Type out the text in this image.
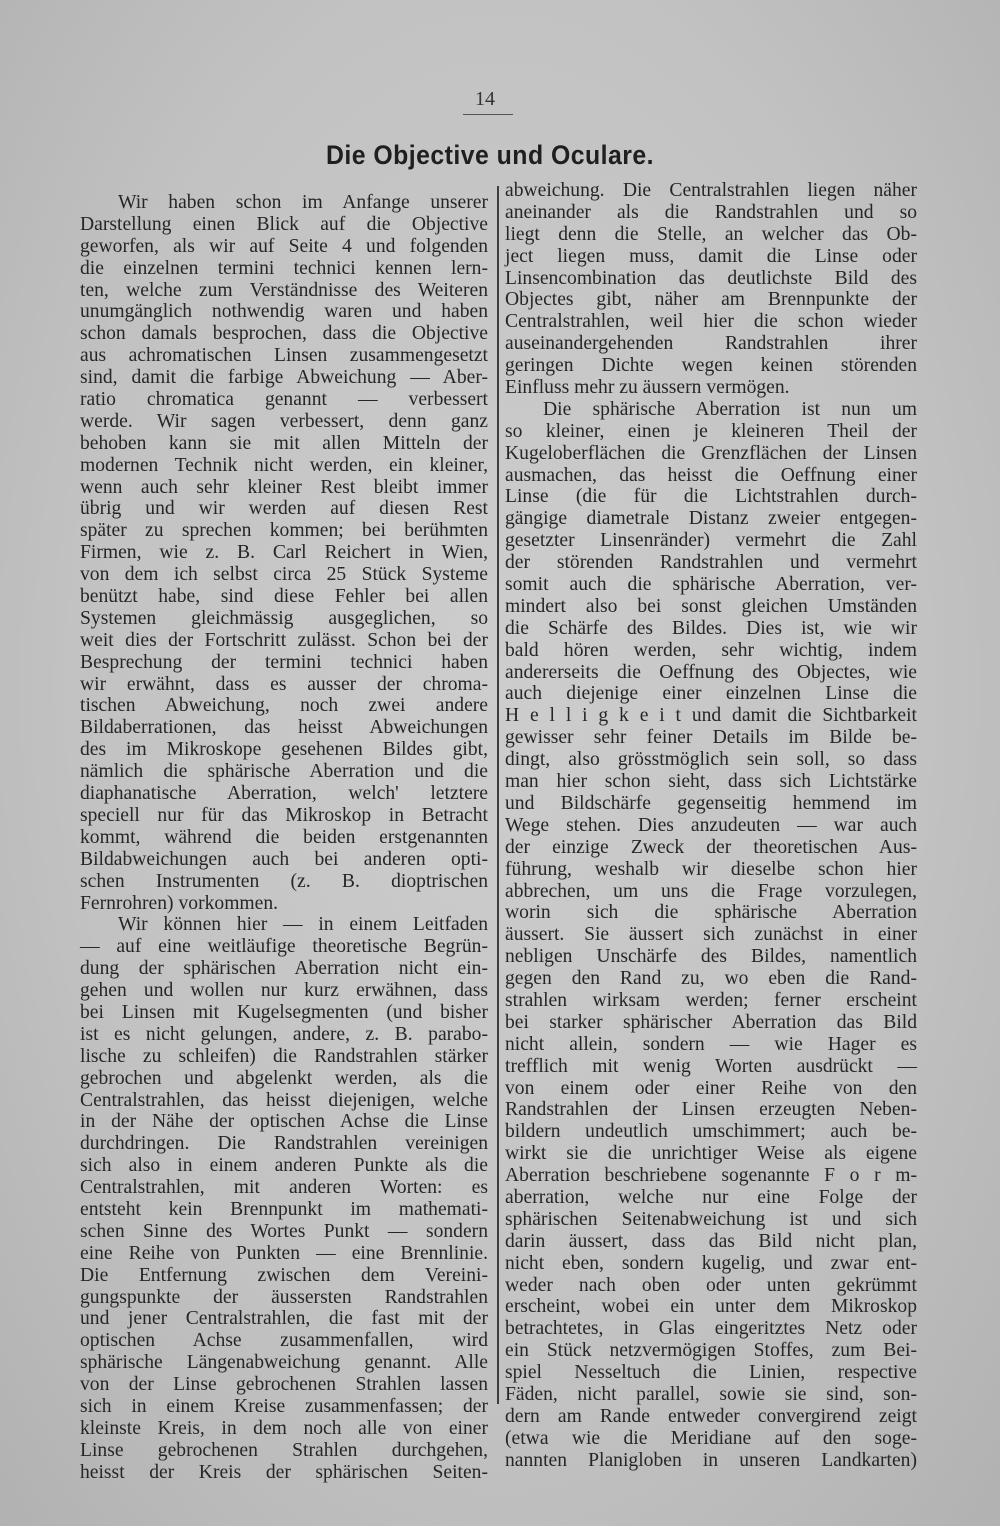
14
Die Objective und Oculare.
Wir haben schon im Anfange unserer
Darstellung einen Blick auf die Objective
geworfen, als wir auf Seite 4 und folgenden
die einzelnen termini technici kennen lern-
ten, welche zum Verständnisse des Weiteren
unumgänglich nothwendig waren und haben
schon damals besprochen, dass die Objective
aus achromatischen Linsen zusammengesetzt
sind, damit die farbige Abweichung — Aber-
ratio chromatica genannt — verbessert
werde. Wir sagen verbessert, denn ganz
behoben kann sie mit allen Mitteln der
modernen Technik nicht werden, ein kleiner,
wenn auch sehr kleiner Rest bleibt immer
übrig und wir werden auf diesen Rest
später zu sprechen kommen; bei berühmten
Firmen, wie z. B. Carl Reichert in Wien,
von dem ich selbst circa 25 Stück Systeme
benützt habe, sind diese Fehler bei allen
Systemen gleichmässig ausgeglichen, so
weit dies der Fortschritt zulässt. Schon bei der
Besprechung der termini technici haben
wir erwähnt, dass es ausser der chroma-
tischen Abweichung, noch zwei andere
Bildaberrationen, das heisst Abweichungen
des im Mikroskope gesehenen Bildes gibt,
nämlich die sphärische Aberration und die
diaphanatische Aberration, welch' letztere
speciell nur für das Mikroskop in Betracht
kommt, während die beiden erstgenannten
Bildabweichungen auch bei anderen opti-
schen Instrumenten (z. B. dioptrischen
Fernrohren) vorkommen.
Wir können hier — in einem Leitfaden
— auf eine weitläufige theoretische Begrün-
dung der sphärischen Aberration nicht ein-
gehen und wollen nur kurz erwähnen, dass
bei Linsen mit Kugelsegmenten (und bisher
ist es nicht gelungen, andere, z. B. parabo-
lische zu schleifen) die Randstrahlen stärker
gebrochen und abgelenkt werden, als die
Centralstrahlen, das heisst diejenigen, welche
in der Nähe der optischen Achse die Linse
durchdringen. Die Randstrahlen vereinigen
sich also in einem anderen Punkte als die
Centralstrahlen, mit anderen Worten: es
entsteht kein Brennpunkt im mathemati-
schen Sinne des Wortes Punkt — sondern
eine Reihe von Punkten — eine Brennlinie.
Die Entfernung zwischen dem Vereini-
gungspunkte der äussersten Randstrahlen
und jener Centralstrahlen, die fast mit der
optischen Achse zusammenfallen, wird
sphärische Längenabweichung genannt. Alle
von der Linse gebrochenen Strahlen lassen
sich in einem Kreise zusammenfassen; der
kleinste Kreis, in dem noch alle von einer
Linse gebrochenen Strahlen durchgehen,
heisst der Kreis der sphärischen Seiten-
abweichung. Die Centralstrahlen liegen näher
aneinander als die Randstrahlen und so
liegt denn die Stelle, an welcher das Ob-
ject liegen muss, damit die Linse oder
Linsencombination das deutlichste Bild des
Objectes gibt, näher am Brennpunkte der
Centralstrahlen, weil hier die schon wieder
auseinandergehenden Randstrahlen ihrer
geringen Dichte wegen keinen störenden
Einfluss mehr zu äussern vermögen.
Die sphärische Aberration ist nun um
so kleiner, einen je kleineren Theil der
Kugeloberflächen die Grenzflächen der Linsen
ausmachen, das heisst die Oeffnung einer
Linse (die für die Lichtstrahlen durch-
gängige diametrale Distanz zweier entgegen-
gesetzter Linsenränder) vermehrt die Zahl
der störenden Randstrahlen und vermehrt
somit auch die sphärische Aberration, ver-
mindert also bei sonst gleichen Umständen
die Schärfe des Bildes. Dies ist, wie wir
bald hören werden, sehr wichtig, indem
andererseits die Oeffnung des Objectes, wie
auch diejenige einer einzelnen Linse die
H e l l i g k e i t und damit die Sichtbarkeit
gewisser sehr feiner Details im Bilde be-
dingt, also grösstmöglich sein soll, so dass
man hier schon sieht, dass sich Lichtstärke
und Bildschärfe gegenseitig hemmend im
Wege stehen. Dies anzudeuten — war auch
der einzige Zweck der theoretischen Aus-
führung, weshalb wir dieselbe schon hier
abbrechen, um uns die Frage vorzulegen,
worin sich die sphärische Aberration
äussert. Sie äussert sich zunächst in einer
nebligen Unschärfe des Bildes, namentlich
gegen den Rand zu, wo eben die Rand-
strahlen wirksam werden; ferner erscheint
bei starker sphärischer Aberration das Bild
nicht allein, sondern — wie Hager es
trefflich mit wenig Worten ausdrückt —
von einem oder einer Reihe von den
Randstrahlen der Linsen erzeugten Neben-
bildern undeutlich umschimmert; auch be-
wirkt sie die unrichtiger Weise als eigene
Aberration beschriebene sogenannte F o r m-
aberration, welche nur eine Folge der
sphärischen Seitenabweichung ist und sich
darin äussert, dass das Bild nicht plan,
nicht eben, sondern kugelig, und zwar ent-
weder nach oben oder unten gekrümmt
erscheint, wobei ein unter dem Mikroskop
betrachtetes, in Glas eingeritztes Netz oder
ein Stück netzvermögigen Stoffes, zum Bei-
spiel Nesseltuch die Linien, respective
Fäden, nicht parallel, sowie sie sind, son-
dern am Rande entweder convergirend zeigt
(etwa wie die Meridiane auf den soge-
nannten Planigloben in unseren Landkarten)
